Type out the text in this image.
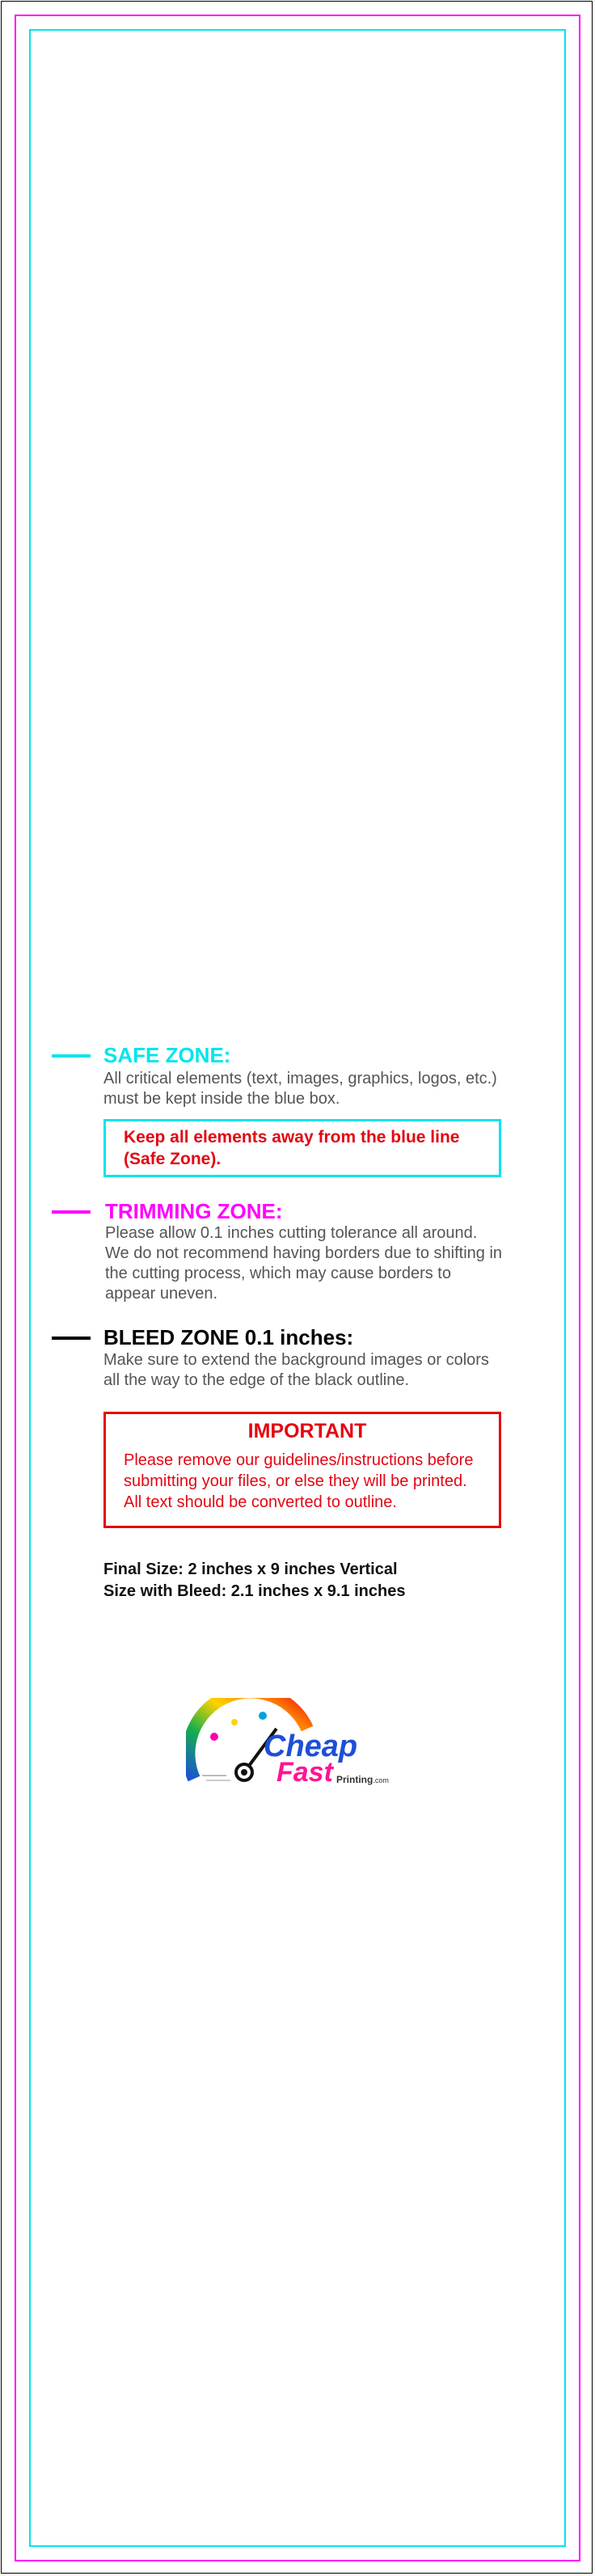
SAFE ZONE:
All critical elements (text, images, graphics, logos, etc.)
must be kept inside the blue box.
Keep all elements away from the blue line
(Safe Zone).
TRIMMING ZONE:
Please allow 0.1 inches cutting tolerance all around.
We do not recommend having borders due to shifting in
the cutting process, which may cause borders to
appear uneven.
BLEED ZONE 0.1 inches:
Make sure to extend the background images or colors
all the way to the edge of the black outline.
IMPORTANT
Please remove our guidelines/instructions before
submitting your files, or else they will be printed.
All text should be converted to outline.
Final Size: 2 inches x 9 inches Vertical
Size with Bleed: 2.1 inches x 9.1 inches
Cheap
Fast Printing.com
